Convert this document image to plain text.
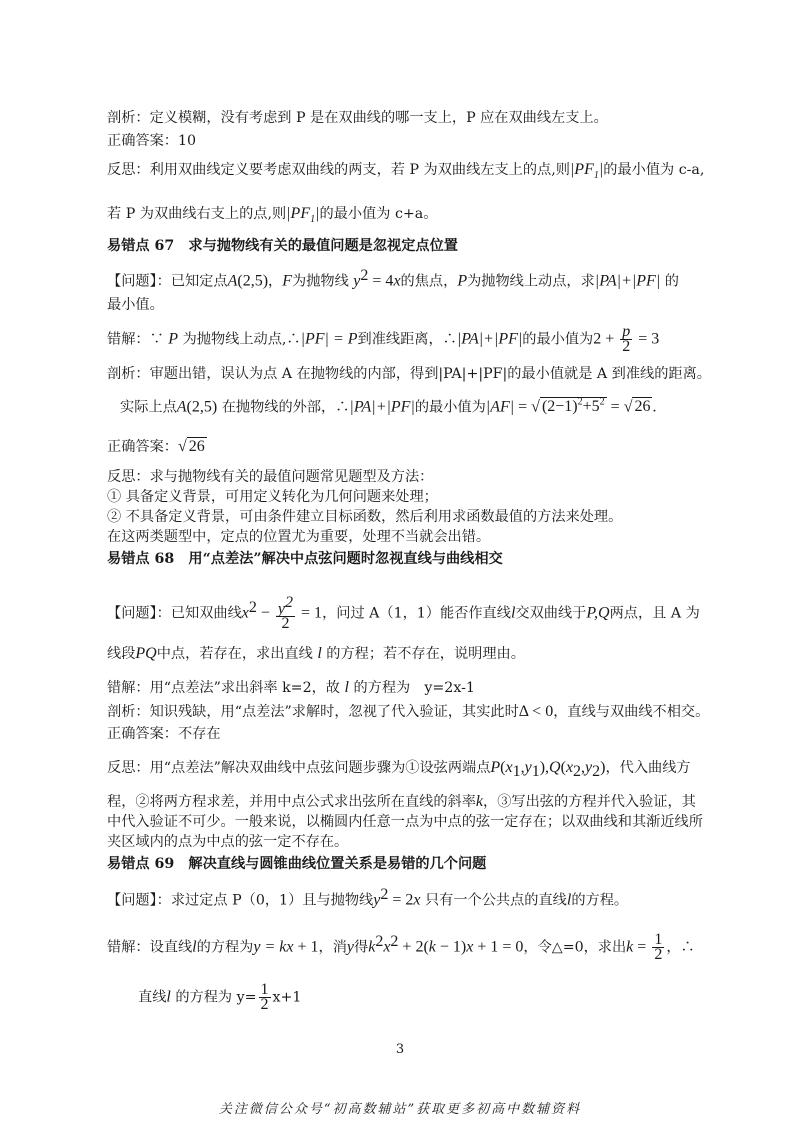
剖析：定义模糊，没有考虑到 P 是在双曲线的哪一支上，P 应在双曲线左支上。
正确答案：10
反思：利用双曲线定义要考虑双曲线的两支，若 P 为双曲线左支上的点,则$|PF_1|$的最小值为 c-a,
若 P 为双曲线右支上的点,则$|PF_1|$的最小值为 c+a。
易错点 67　求与抛物线有关的最值问题是忽视定点位置
【问题】：已知定点A(2,5)，F为抛物线 $y^2 = 4x$的焦点，P为抛物线上动点，求|PA|+|PF| 的
最小值。
错解：∵ P 为抛物线上动点,∴|PF| = P到准线距离，∴|PA|+|PF|的最小值为$2 + \frac{p}{2} = 3$
剖析：审题出错，误认为点 A 在抛物线的内部，得到|PA|+|PF|的最小值就是 A 到准线的距离。
实际上点A(2,5) 在抛物线的外部，∴|PA|+|PF|的最小值为|AF| = √ $(2-1)^2+5^2$ = √ 26 .
正确答案：√ 26
反思：求与抛物线有关的最值问题常见题型及方法：
① 具备定义背景，可用定义转化为几何问题来处理；
② 不具备定义背景，可由条件建立目标函数，然后利用求函数最值的方法来处理。
在这两类题型中，定点的位置尤为重要，处理不当就会出错。
易错点 68　用“点差法”解决中点弦问题时忽视直线与曲线相交
【问题】：已知双曲线$x^2 - \frac{y^2}{2} = 1$，问过 A（1，1）能否作直线l交双曲线于P,Q两点，且 A 为
线段PQ中点，若存在，求出直线 l 的方程；若不存在，说明理由。
错解：用“点差法”求出斜率 k=2，故 l 的方程为　y=2x-1
剖析：知识残缺，用“点差法”求解时，忽视了代入验证，其实此时Δ < 0，直线与双曲线不相交。
正确答案：不存在
反思：用“点差法”解决双曲线中点弦问题步骤为①设弦两端点$P(x_1,y_1),Q(x_2,y_2)$，代入曲线方
程，②将两方程求差，并用中点公式求出弦所在直线的斜率k，③写出弦的方程并代入验证，其
中代入验证不可少。一般来说，以椭圆内任意一点为中点的弦一定存在；以双曲线和其渐近线所
夹区域内的点为中点的弦一定不存在。
易错点 69　解决直线与圆锥曲线位置关系是易错的几个问题
【问题】：求过定点 P（0，1）且与抛物线$y^2 = 2x$ 只有一个公共点的直线l的方程。
错解：设直线l的方程为y = kx + 1，消y得$k^2x^2 + 2(k - 1)x + 1 = 0$，令△=0，求出$k = \frac{1}{2}$ ，∴
直线l 的方程为 $y= \frac{1}{2} x+1$
3
关注微信公众号“初高数辅站”获取更多初高中数辅资料
